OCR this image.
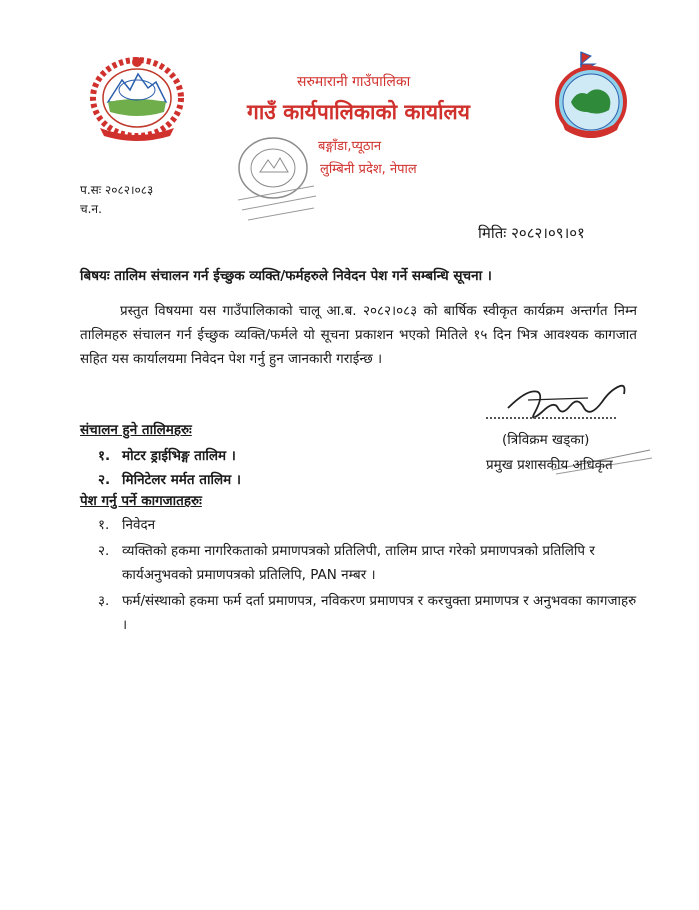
सरुमारानी गाउँपालिका
गाउँ कार्यपालिकाको कार्यालय
बङ्गाँडा,प्यूठान
लुम्बिनी प्रदेश, नेपाल
प.सः २०८२।०८३
च.न.
मितिः २०८२।०९।०१
बिषयः तालिम संचालन गर्न ईच्छुक व्यक्ति/फर्महरुले निवेदन पेश गर्ने सम्बन्धि सूचना ।

प्रस्तुत विषयमा यस गाउँपालिकाको चालू आ.ब. २०८२।०८३ को बार्षिक स्वीकृत कार्यक्रम अन्तर्गत निम्न तालिमहरु संचालन गर्न ईच्छुक व्यक्ति/फर्मले यो सूचना प्रकाशन भएको मितिले १५ दिन भित्र आवश्यक कागजात सहित यस कार्यालयमा निवेदन पेश गर्नु हुन जानकारी गराईन्छ ।

संचालन हुने तालिमहरुः
१. मोटर ड्राईभिङ्ग तालिम ।
२. मिनिटेलर मर्मत तालिम ।
(त्रिविक्रम खड्का)
प्रमुख प्रशासकीय अधिकृत
पेश गर्नु पर्ने कागजातहरुः
१. निवेदन
२. व्यक्तिको हकमा नागरिकताको प्रमाणपत्रको प्रतिलिपी, तालिम प्राप्त गरेको प्रमाणपत्रको प्रतिलिपि र कार्यअनुभवको प्रमाणपत्रको प्रतिलिपि, PAN नम्बर ।
३. फर्म/संस्थाको हकमा फर्म दर्ता प्रमाणपत्र, नविकरण प्रमाणपत्र र करचुक्ता प्रमाणपत्र र अनुभवका कागजाहरु ।
